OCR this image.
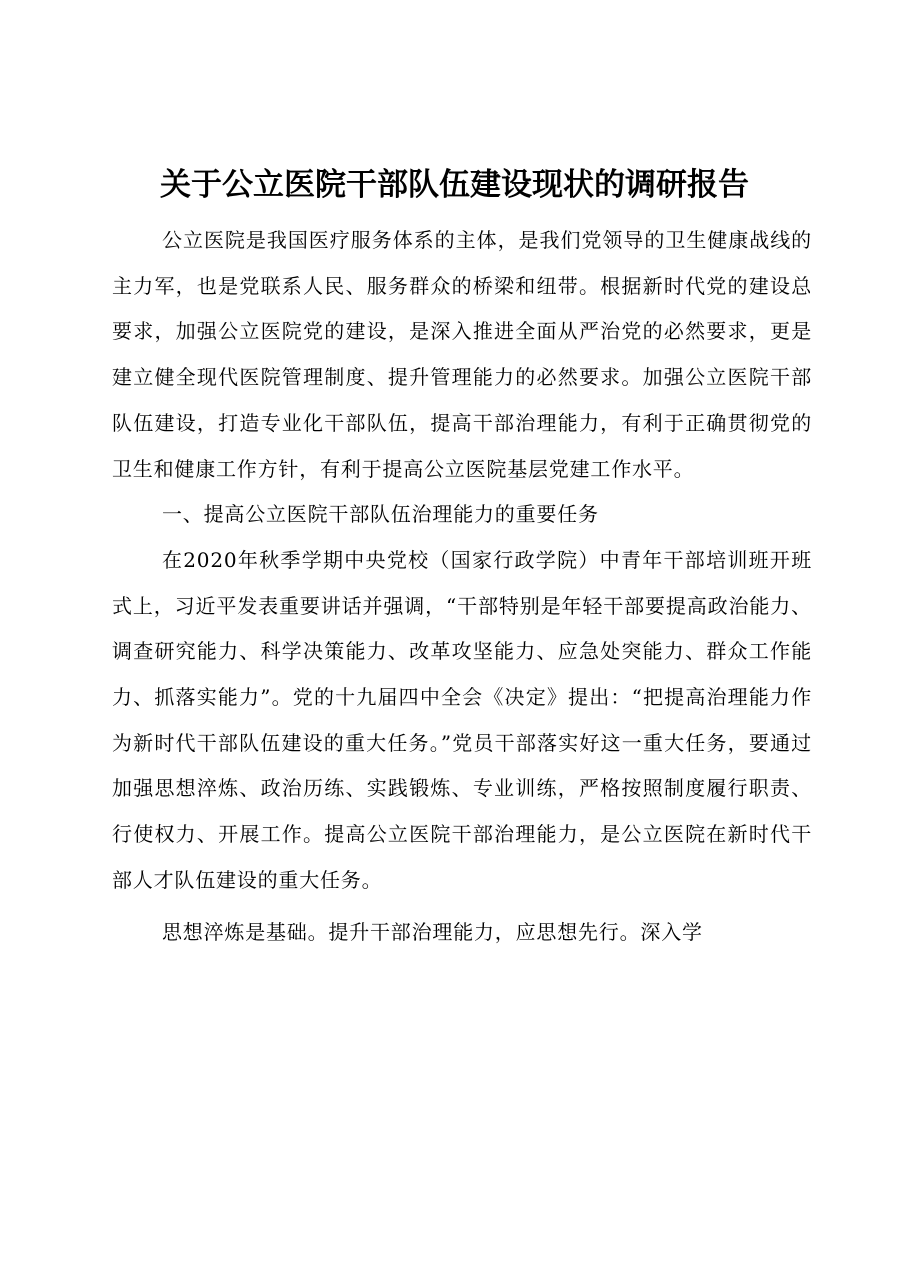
关于公立医院干部队伍建设现状的调研报告

公立医院是我国医疗服务体系的主体，是我们党领导的卫生健康战线的主力军，也是党联系人民、服务群众的桥梁和纽带。根据新时代党的建设总要求，加强公立医院党的建设，是深入推进全面从严治党的必然要求，更是建立健全现代医院管理制度、提升管理能力的必然要求。加强公立医院干部队伍建设，打造专业化干部队伍，提高干部治理能力，有利于正确贯彻党的卫生和健康工作方针，有利于提高公立医院基层党建工作水平。

一、提高公立医院干部队伍治理能力的重要任务

在2020年秋季学期中央党校（国家行政学院）中青年干部培训班开班式上，习近平发表重要讲话并强调，“干部特别是年轻干部要提高政治能力、调查研究能力、科学决策能力、改革攻坚能力、应急处突能力、群众工作能力、抓落实能力”。党的十九届四中全会《决定》提出：“把提高治理能力作为新时代干部队伍建设的重大任务。”党员干部落实好这一重大任务，要通过加强思想淬炼、政治历练、实践锻炼、专业训练，严格按照制度履行职责、行使权力、开展工作。提高公立医院干部治理能力，是公立医院在新时代干部人才队伍建设的重大任务。

思想淬炼是基础。提升干部治理能力，应思想先行。深入学
